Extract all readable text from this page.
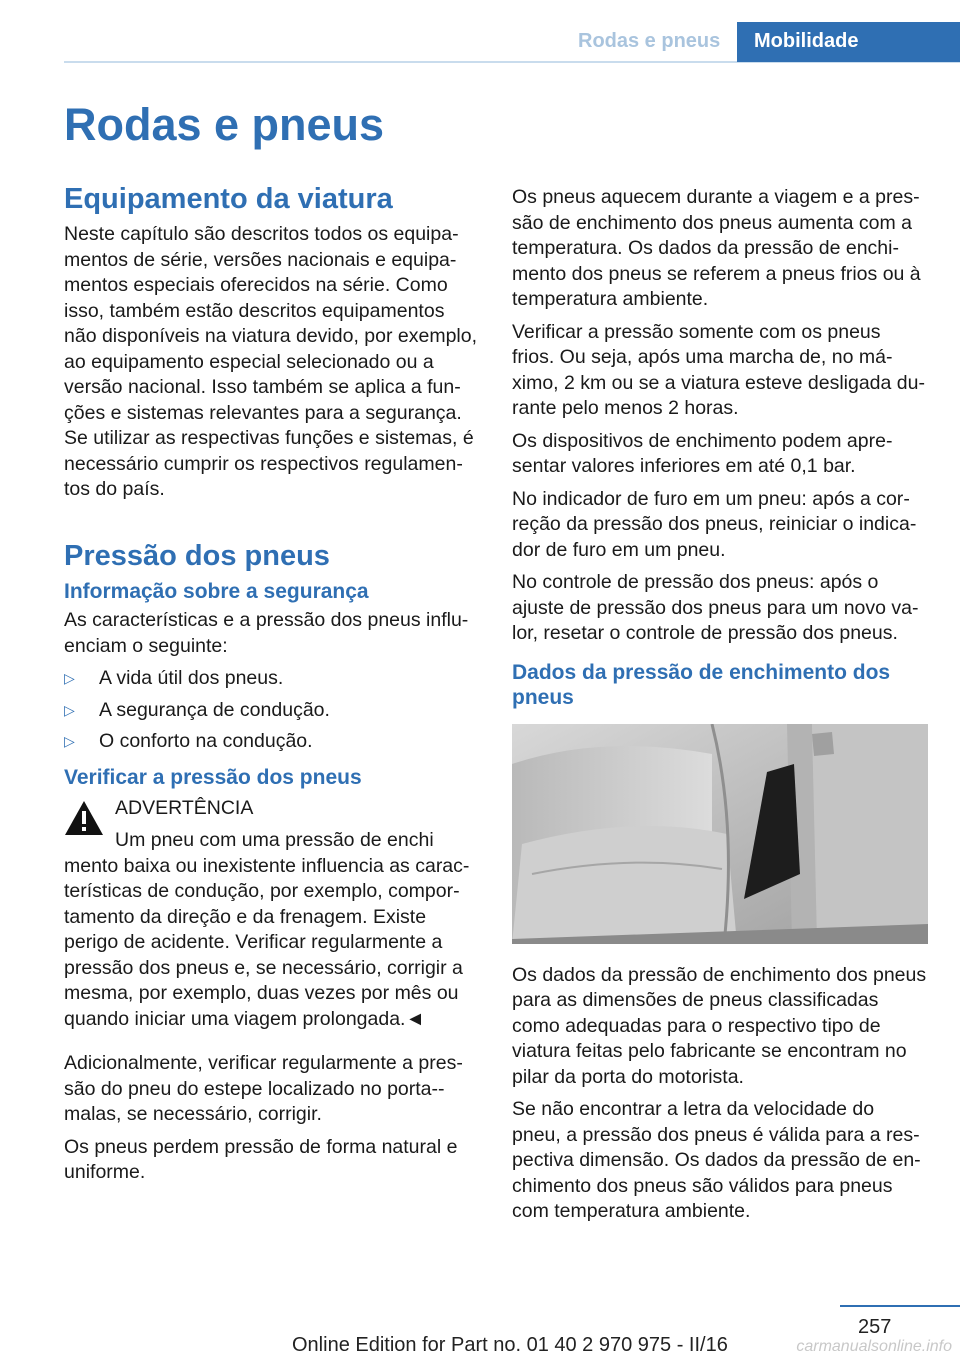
Rodas e pneus	Mobilidade
Rodas e pneus
Equipamento da viatura

Neste capítulo são descritos todos os equipamentos de série, versões nacionais e equipamentos especiais oferecidos na série. Como isso, também estão descritos equipamentos não disponíveis na viatura devido, por exemplo, ao equipamento especial selecionado ou a versão nacional. Isso também se aplica a funções e sistemas relevantes para a segurança. Se utilizar as respectivas funções e sistemas, é necessário cumprir os respectivos regulamentos do país.

Pressão dos pneus
Informação sobre a segurança

As características e a pressão dos pneus influenciam o seguinte:

▷ A vida útil dos pneus.
▷ A segurança de condução.
▷ O conforto na condução.
Verificar a pressão dos pneus

ADVERTÊNCIA

Um pneu com uma pressão de enchi

mento baixa ou inexistente influencia as características de condução, por exemplo, comportamento da direção e da frenagem. Existe perigo de acidente. Verificar regularmente a pressão dos pneus e, se necessário, corrigir a mesma, por exemplo, duas vezes por mês ou quando iniciar uma viagem prolongada.◄

Adicionalmente, verificar regularmente a pressão do pneu do estepe localizado no porta-malas, se necessário, corrigir.

Os pneus perdem pressão de forma natural e uniforme.

Os pneus aquecem durante a viagem e a pressão de enchimento dos pneus aumenta com a temperatura. Os dados da pressão de enchimento dos pneus se referem a pneus frios ou à temperatura ambiente.

Verificar a pressão somente com os pneus frios. Ou seja, após uma marcha de, no máximo, 2 km ou se a viatura esteve desligada durante pelo menos 2 horas.

Os dispositivos de enchimento podem apresentar valores inferiores em até 0,1 bar.

No indicador de furo em um pneu: após a correção da pressão dos pneus, reiniciar o indicador de furo em um pneu.

No controle de pressão dos pneus: após o ajuste de pressão dos pneus para um novo valor, resetar o controle de pressão dos pneus.

Dados da pressão de enchimento dos pneus

Os dados da pressão de enchimento dos pneus para as dimensões de pneus classificadas como adequadas para o respectivo tipo de viatura feitas pelo fabricante se encontram no pilar da porta do motorista.

Se não encontrar a letra da velocidade do pneu, a pressão dos pneus é válida para a respectiva dimensão. Os dados da pressão de enchimento dos pneus são válidos para pneus com temperatura ambiente.

257
Online Edition for Part no. 01 40 2 970 975 - II/16	carmanualsonline.info
